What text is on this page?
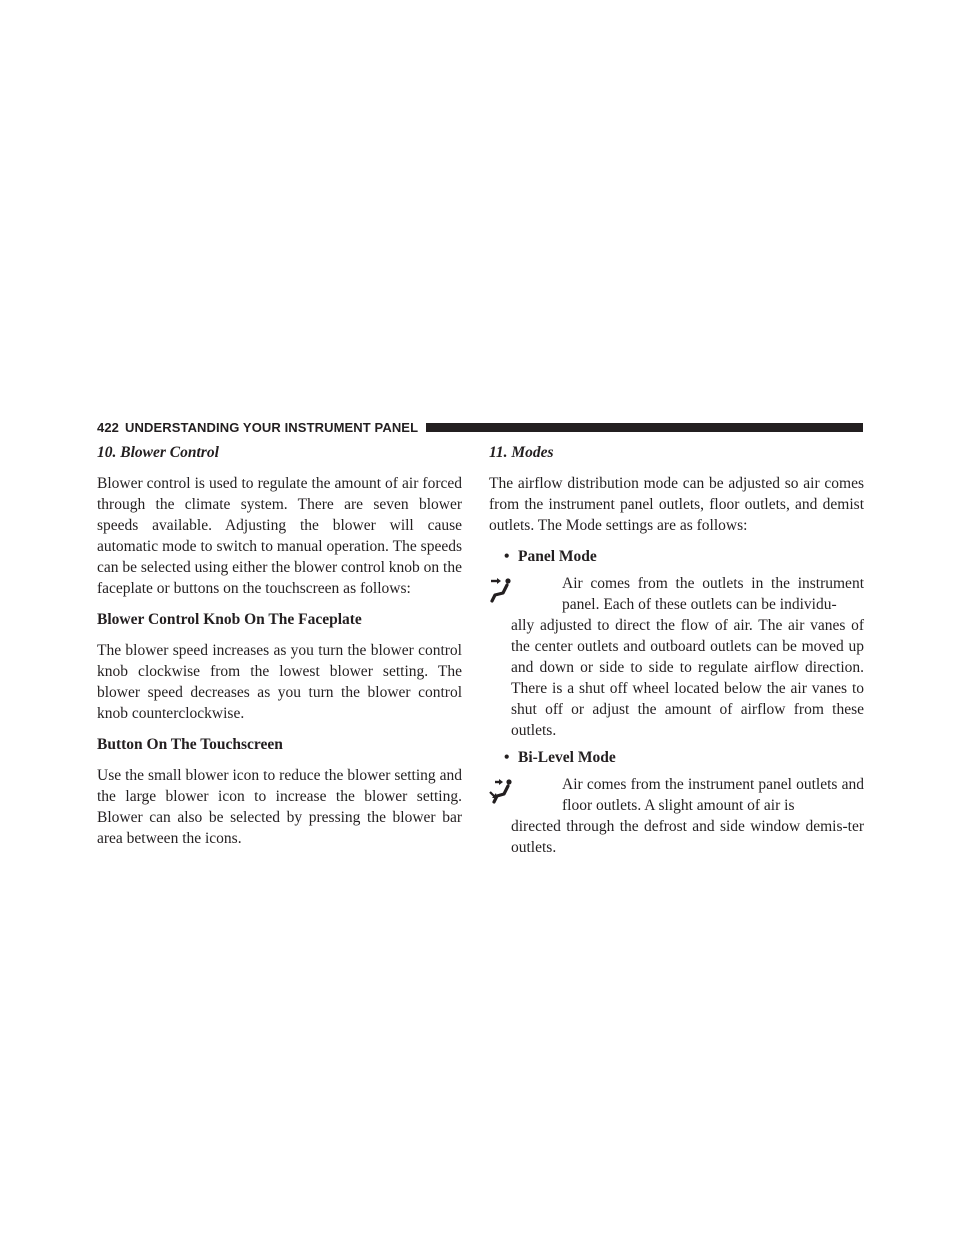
422 UNDERSTANDING YOUR INSTRUMENT PANEL
10. Blower Control

Blower control is used to regulate the amount of air forced through the climate system. There are seven blower speeds available. Adjusting the blower will cause automatic mode to switch to manual operation. The speeds can be selected using either the blower control knob on the faceplate or buttons on the touchscreen as follows:

Blower Control Knob On The Faceplate

The blower speed increases as you turn the blower control knob clockwise from the lowest blower setting. The blower speed decreases as you turn the blower control knob counterclockwise.

Button On The Touchscreen

Use the small blower icon to reduce the blower setting and the large blower icon to increase the blower setting. Blower can also be selected by pressing the blower bar area between the icons.

11. Modes

The airflow distribution mode can be adjusted so air comes from the instrument panel outlets, floor outlets, and demist outlets. The Mode settings are as follows:

• Panel Mode
Air comes from the outlets in the instrument panel. Each of these outlets can be individu-
ally adjusted to direct the flow of air. The air vanes of the center outlets and outboard outlets can be moved up and down or side to side to regulate airflow direction. There is a shut off wheel located below the air vanes to shut off or adjust the amount of airflow from these outlets.
• Bi-Level Mode
Air comes from the instrument panel outlets and floor outlets. A slight amount of air is
directed through the defrost and side window demis-ter outlets.
